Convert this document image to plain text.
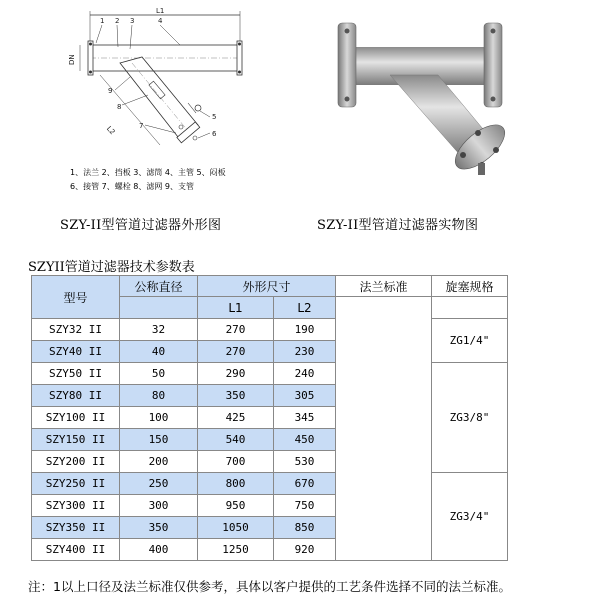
L1
DN
L2
1 2 3	4
9
8
7
5
6
1、法兰 2、挡板 3、滤筒 4、主管 5、闷板
6、接管 7、螺栓 8、滤网 9、支管
SZY-II型管道过滤器外形图	SZY-II型管道过滤器实物图
SZYII管道过滤器技术参数表
型号	公称直径	外形尺寸		法兰标准	旋塞规格
		L1	L2		
SZY32 II	32	270	190		ZG1/4"
SZY40 II	40	270	230		
SZY50 II	50	290	240		ZG3/8"
SZY80 II	80	350	305		
SZY100 II	100	425	345		
SZY150 II	150	540	450		
SZY200 II	200	700	530		
SZY250 II	250	800	670		ZG3/4"
SZY300 II	300	950	750		
SZY350 II	350	1050	850		
SZY400 II	400	1250	920		
注：1以上口径及法兰标准仅供参考，具体以客户提供的工艺条件选择不同的法兰标准。
